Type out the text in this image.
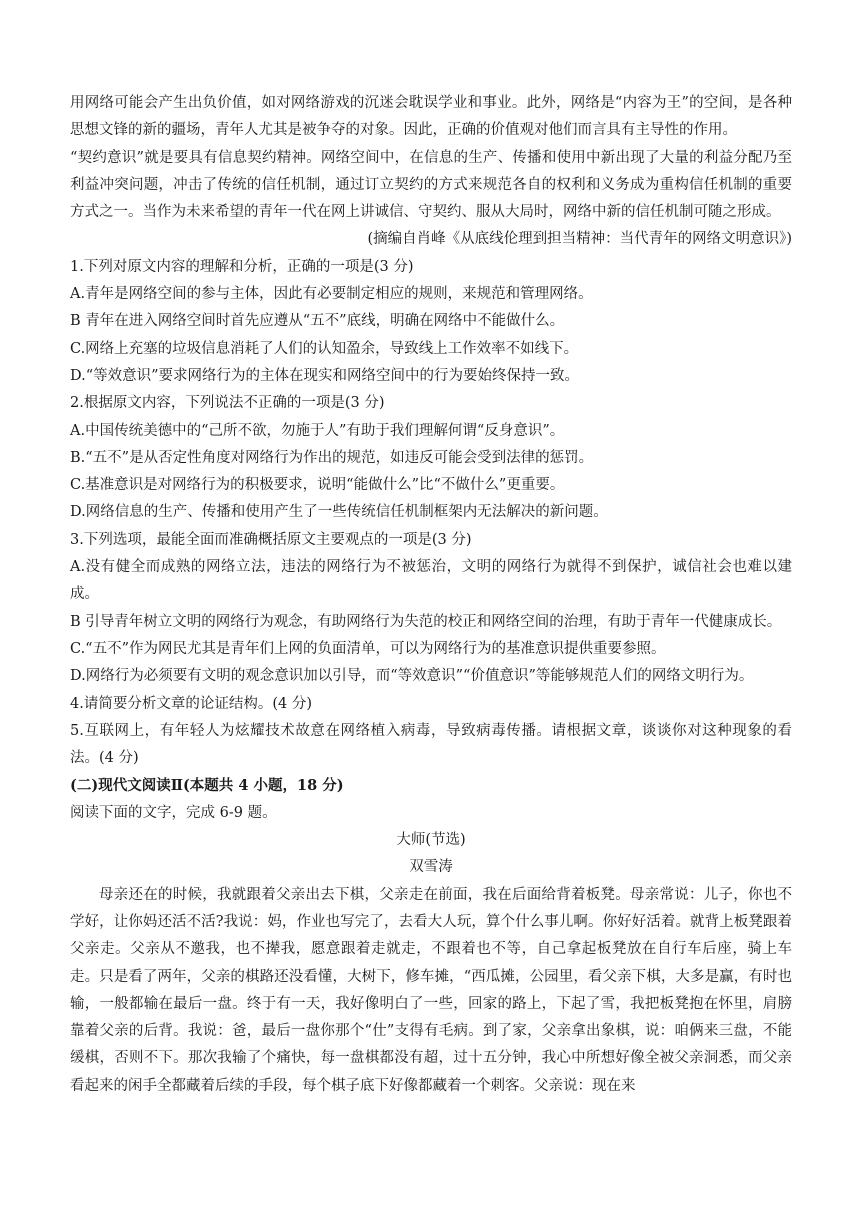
用网络可能会产生出负价值，如对网络游戏的沉迷会耽误学业和事业。此外，网络是“内容为王”的空间，是各种思想文锋的新的疆场，青年人尤其是被争夺的对象。因此，正确的价值观对他们而言具有主导性的作用。

“契约意识”就是要具有信息契约精神。网络空间中，在信息的生产、传播和使用中新出现了大量的利益分配乃至利益冲突问题，冲击了传统的信任机制，通过订立契约的方式来规范各自的权利和义务成为重构信任机制的重要方式之一。当作为未来希望的青年一代在网上讲诚信、守契约、服从大局时，网络中新的信任机制可随之形成。

(摘编自肖峰《从底线伦理到担当精神：当代青年的网络文明意识》)

1.下列对原文内容的理解和分析，正确的一项是(3 分)

A.青年是网络空间的参与主体，因此有必要制定相应的规则，来规范和管理网络。

B 青年在进入网络空间时首先应遵从“五不”底线，明确在网络中不能做什么。

C.网络上充塞的垃圾信息消耗了人们的认知盈余，导致线上工作效率不如线下。

D.“等效意识”要求网络行为的主体在现实和网络空间中的行为要始终保持一致。

2.根据原文内容，下列说法不正确的一项是(3 分)

A.中国传统美德中的“己所不欲，勿施于人”有助于我们理解何谓“反身意识”。

B.“五不”是从否定性角度对网络行为作出的规范，如违反可能会受到法律的惩罚。

C.基准意识是对网络行为的积极要求，说明“能做什么”比“不做什么”更重要。

D.网络信息的生产、传播和使用产生了一些传统信任机制框架内无法解决的新问题。

3.下列选项，最能全面而准确概括原文主要观点的一项是(3 分)

A.没有健全而成熟的网络立法，违法的网络行为不被惩治，文明的网络行为就得不到保护，诚信社会也难以建成。

B 引导青年树立文明的网络行为观念，有助网络行为失范的校正和网络空间的治理，有助于青年一代健康成长。

C.“五不”作为网民尤其是青年们上网的负面清单，可以为网络行为的基准意识提供重要参照。

D.网络行为必须要有文明的观念意识加以引导，而“等效意识”“价值意识”等能够规范人们的网络文明行为。

4.请简要分析文章的论证结构。(4 分)

5.互联网上，有年轻人为炫耀技术故意在网络植入病毒，导致病毒传播。请根据文章，谈谈你对这种现象的看法。(4 分)

(二)现代文阅读Ⅱ(本题共 4 小题，18 分)

阅读下面的文字，完成 6-9 题。

大师(节选)

双雪涛

母亲还在的时候，我就跟着父亲出去下棋，父亲走在前面，我在后面给背着板凳。母亲常说：儿子，你也不学好，让你妈还活不活?我说：妈，作业也写完了，去看大人玩，算个什么事儿啊。你好好活着。就背上板凳跟着父亲走。父亲从不邀我，也不撵我，愿意跟着走就走，不跟着也不等，自己拿起板凳放在自行车后座，骑上车走。只是看了两年，父亲的棋路还没看懂，大树下，修车摊，“西瓜摊，公园里，看父亲下棋，大多是赢，有时也输，一般都输在最后一盘。终于有一天，我好像明白了一些，回家的路上，下起了雪，我把板凳抱在怀里，肩膀靠着父亲的后背。我说：爸，最后一盘你那个“仕”支得有毛病。到了家，父亲拿出象棋，说：咱俩来三盘，不能缓棋，否则不下。那次我输了个痛快，每一盘棋都没有超，过十五分钟，我心中所想好像全被父亲洞悉，而父亲看起来的闲手全都藏着后续的手段，每个棋子底下好像都藏着一个刺客。父亲说：现在来
